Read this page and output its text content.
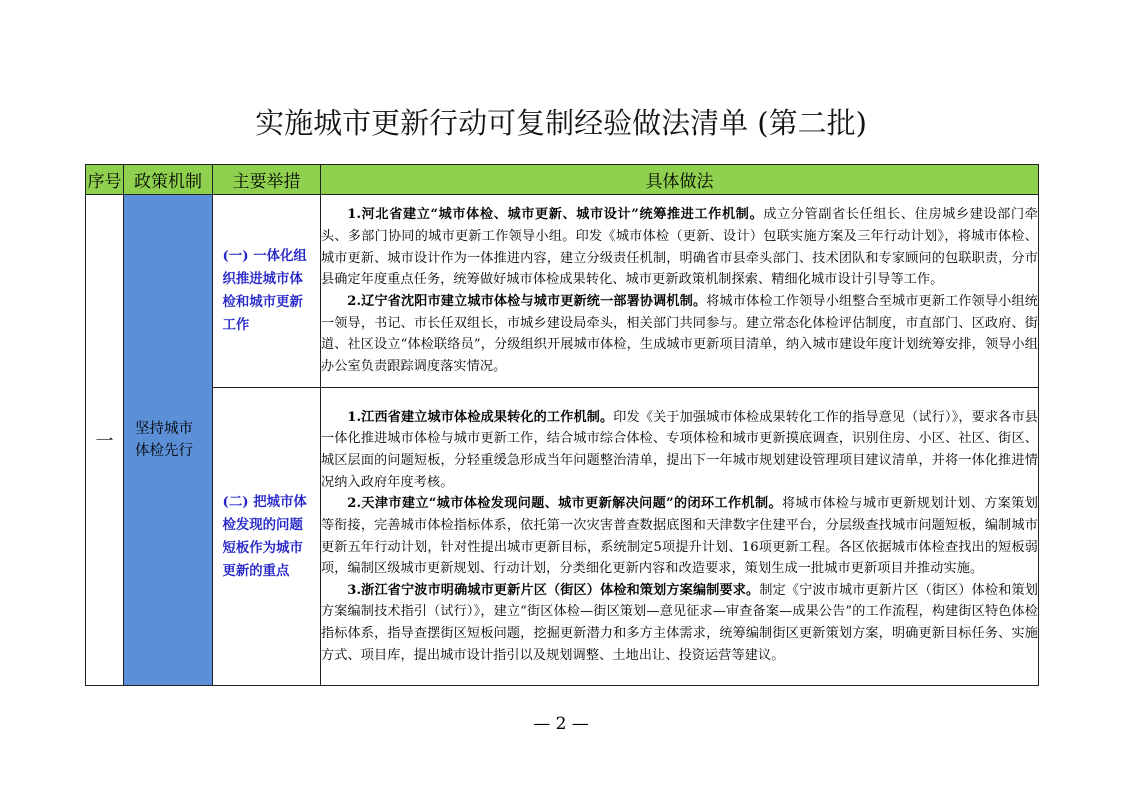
实施城市更新行动可复制经验做法清单 (第二批)
序号	政策机制	主要举措	具体做法
一	坚持城市体检先行	(一) 一体化组织推进城市体检和城市更新工作	1.河北省建立“城市体检、城市更新、城市设计”统筹推进工作机制。成立分管副省长任组长、住房城乡建设部门牵头、多部门协同的城市更新工作领导小组。印发《城市体检（更新、设计）包联实施方案及三年行动计划》，将城市体检、城市更新、城市设计作为一体推进内容，建立分级责任机制，明确省市县牵头部门、技术团队和专家顾问的包联职责，分市县确定年度重点任务，统筹做好城市体检成果转化、城市更新政策机制探索、精细化城市设计引导等工作。

2.辽宁省沈阳市建立城市体检与城市更新统一部署协调机制。将城市体检工作领导小组整合至城市更新工作领导小组统一领导，书记、市长任双组长，市城乡建设局牵头，相关部门共同参与。建立常态化体检评估制度，市直部门、区政府、街道、社区设立“体检联络员”，分级组织开展城市体检，生成城市更新项目清单，纳入城市建设年度计划统筹安排，领导小组办公室负责跟踪调度落实情况。

		(二) 把城市体检发现的问题短板作为城市更新的重点	1.江西省建立城市体检成果转化的工作机制。印发《关于加强城市体检成果转化工作的指导意见（试行）》，要求各市县一体化推进城市体检与城市更新工作，结合城市综合体检、专项体检和城市更新摸底调查，识别住房、小区、社区、街区、城区层面的问题短板，分轻重缓急形成当年问题整治清单，提出下一年城市规划建设管理项目建议清单，并将一体化推进情况纳入政府年度考核。

2.天津市建立“城市体检发现问题、城市更新解决问题”的闭环工作机制。将城市体检与城市更新规划计划、方案策划等衔接，完善城市体检指标体系，依托第一次灾害普查数据底图和天津数字住建平台，分层级查找城市问题短板，编制城市更新五年行动计划，针对性提出城市更新目标，系统制定5项提升计划、16项更新工程。各区依据城市体检查找出的短板弱项，编制区级城市更新规划、行动计划，分类细化更新内容和改造要求，策划生成一批城市更新项目并推动实施。

3.浙江省宁波市明确城市更新片区（街区）体检和策划方案编制要求。制定《宁波市城市更新片区（街区）体检和策划方案编制技术指引（试行）》，建立“街区体检—街区策划—意见征求—审查备案—成果公告”的工作流程，构建街区特色体检指标体系，指导查摆街区短板问题，挖掘更新潜力和多方主体需求，统筹编制街区更新策划方案，明确更新目标任务、实施方式、项目库，提出城市设计指引以及规划调整、土地出让、投资运营等建议。

— 2 —
